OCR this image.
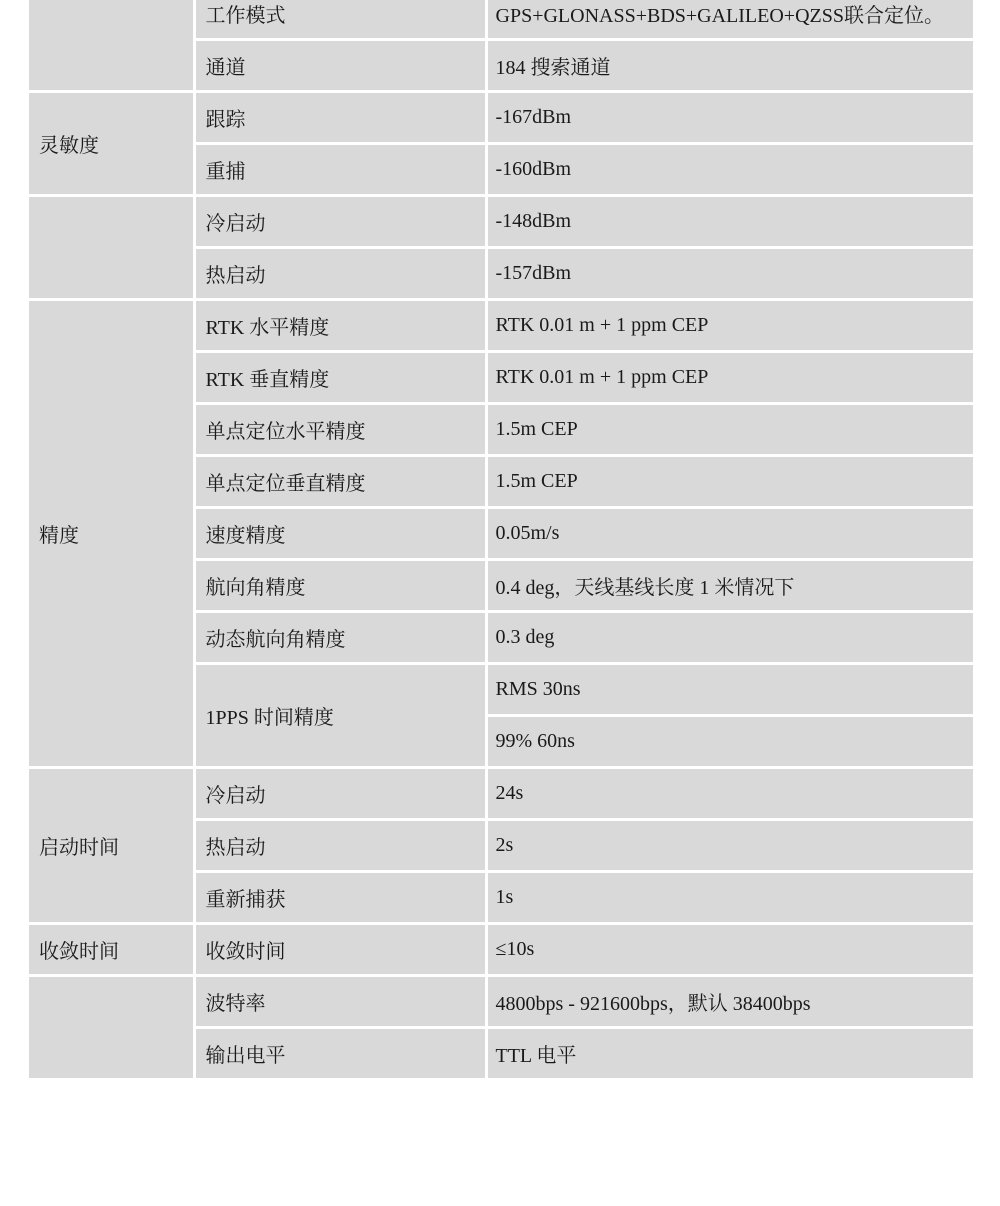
	工作模式	GPS+GLONASS+BDS+GALILEO+QZSS联合定位。
	通道	184 搜索通道
灵敏度	跟踪	-167dBm
	重捕	-160dBm
	冷启动	-148dBm
	热启动	-157dBm
精度	RTK 水平精度	RTK 0.01 m + 1 ppm CEP
	RTK 垂直精度	RTK 0.01 m + 1 ppm CEP
	单点定位水平精度	1.5m CEP
	单点定位垂直精度	1.5m CEP
	速度精度	0.05m/s
	航向角精度	0.4 deg，天线基线长度 1 米情况下
	动态航向角精度	0.3 deg
	1PPS 时间精度	RMS 30ns
		99% 60ns
启动时间	冷启动	24s
	热启动	2s
	重新捕获	1s
收敛时间	收敛时间	≤10s
	波特率	4800bps - 921600bps，默认 38400bps
	输出电平	TTL 电平
